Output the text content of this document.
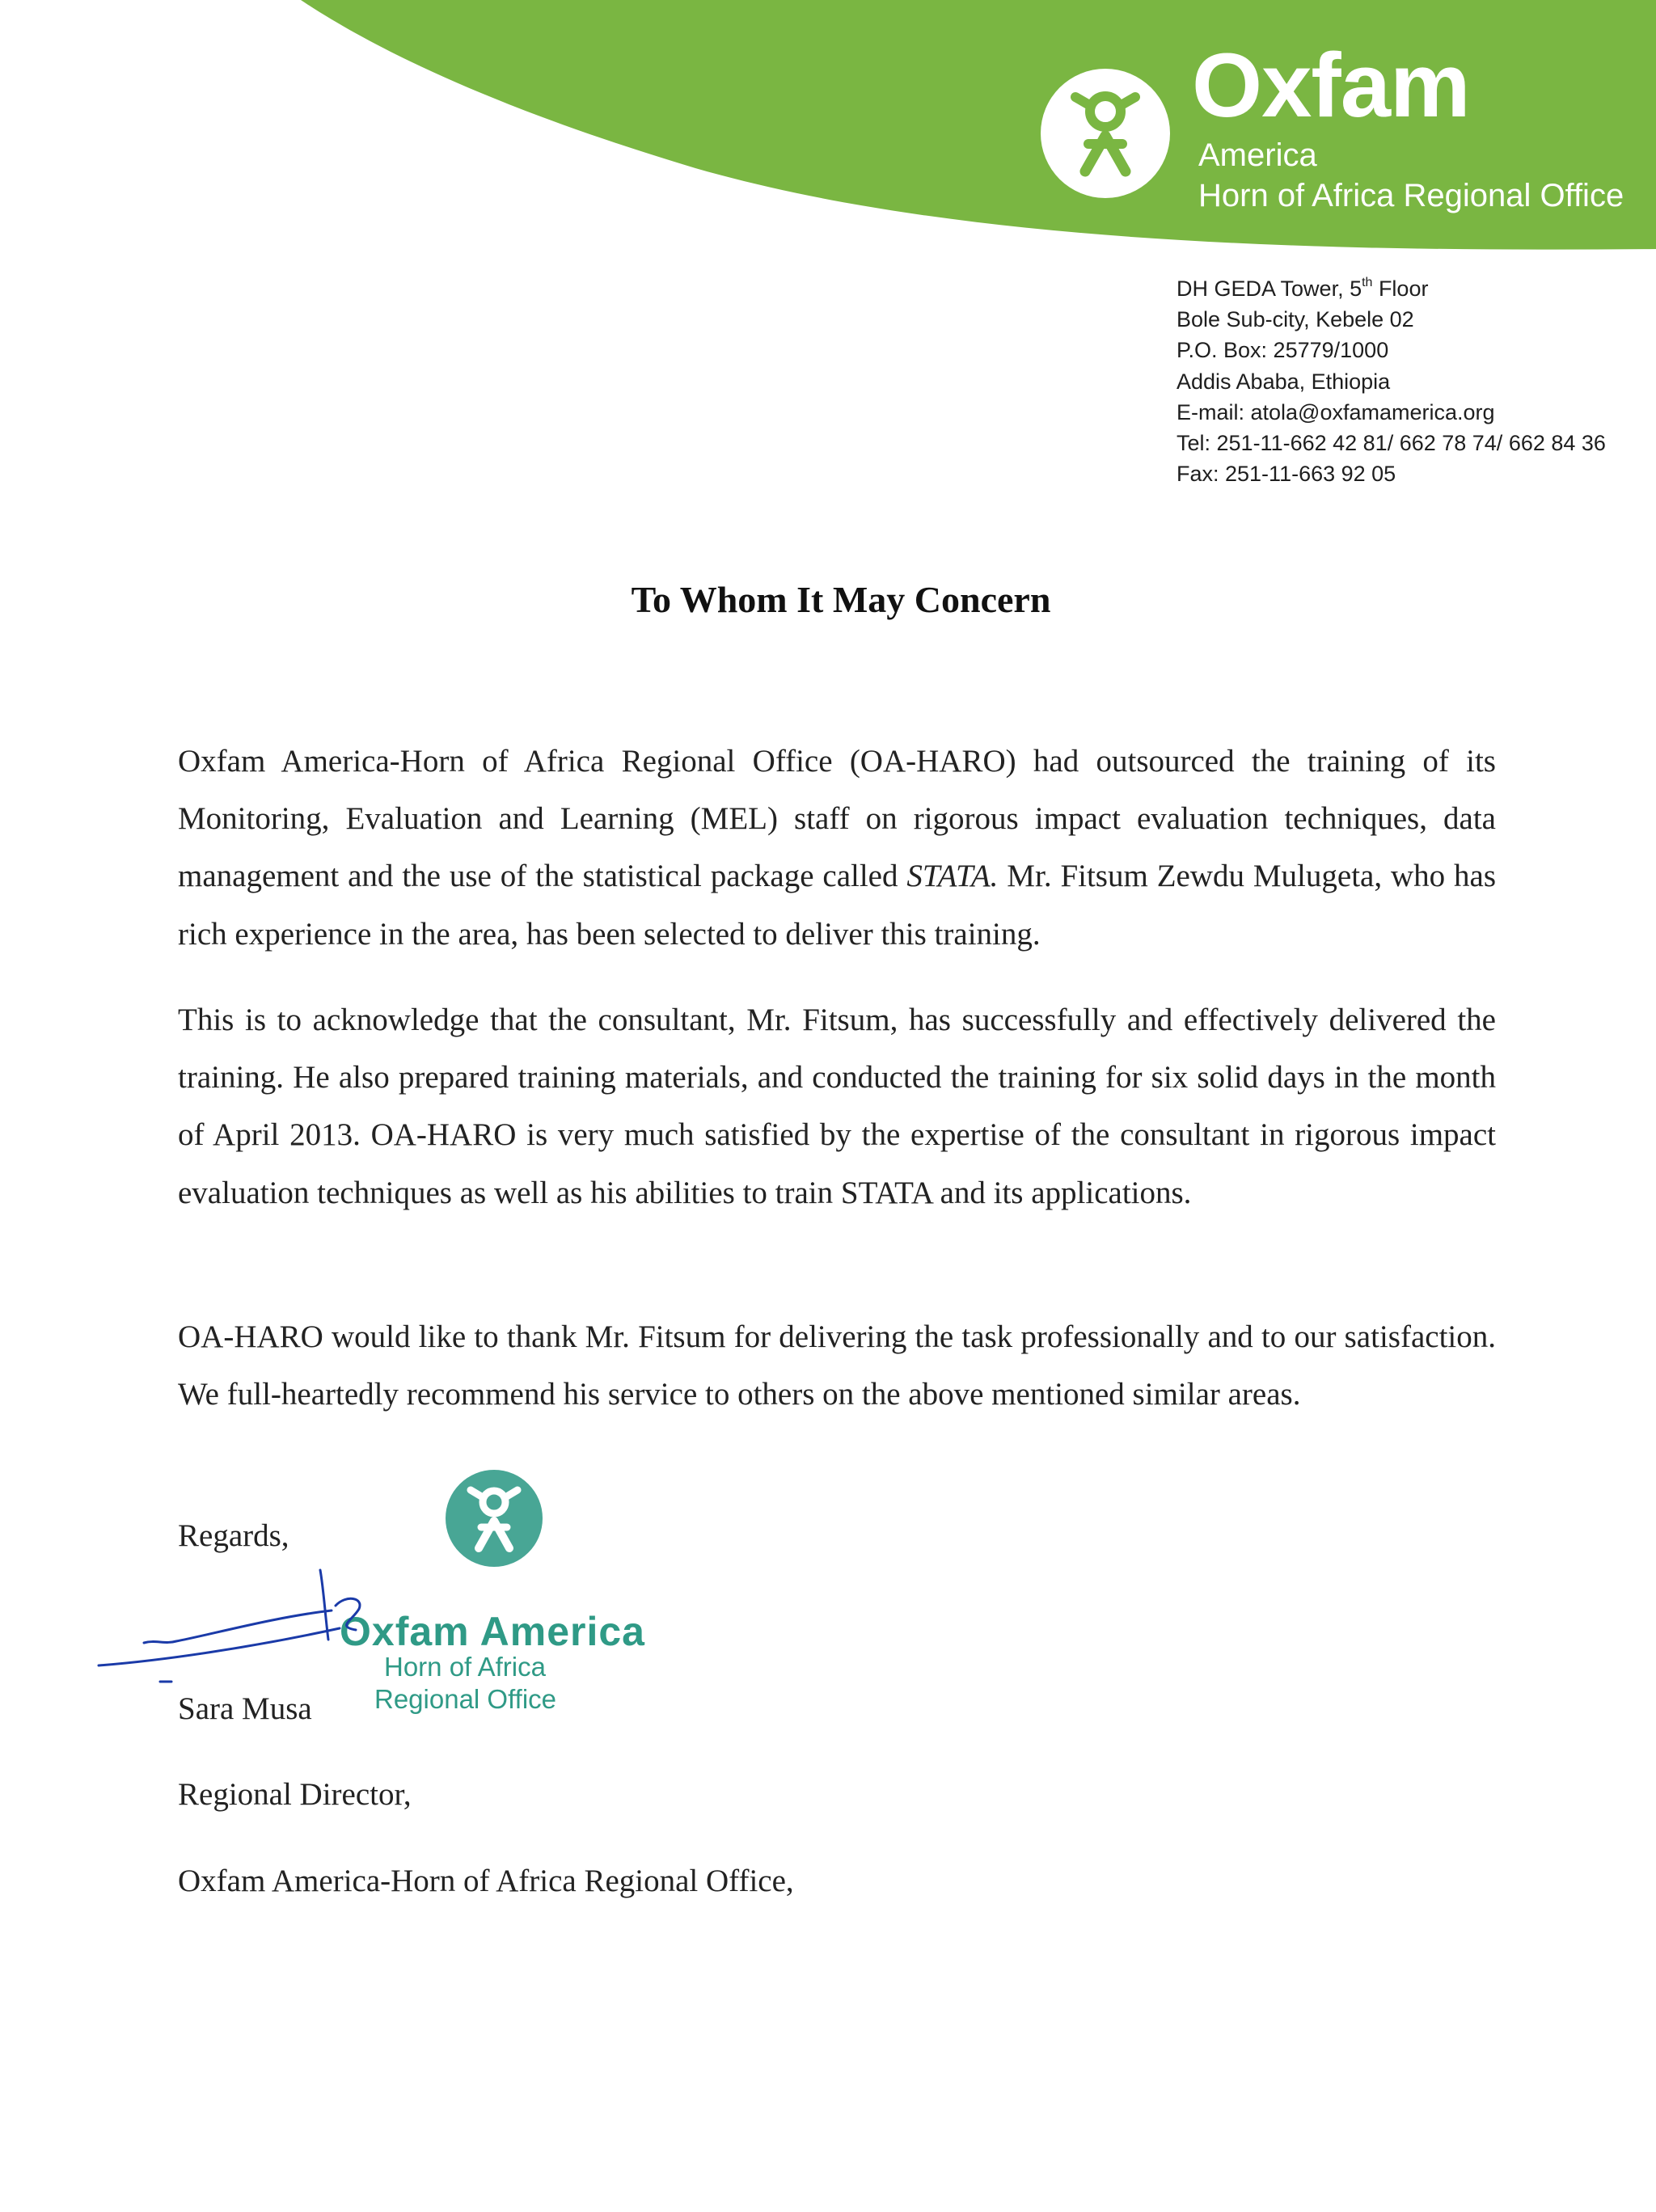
Oxfam
America
Horn of Africa Regional Office
DH GEDA Tower, 5th Floor
Bole Sub-city, Kebele 02
P.O. Box: 25779/1000
Addis Ababa, Ethiopia
E-mail: atola@oxfamamerica.org
Tel: 251-11-662 42 81/ 662 78 74/ 662 84 36
Fax: 251-11-663 92 05
To Whom It May Concern
Oxfam America-Horn of Africa Regional Office (OA-HARO) had outsourced the training of its Monitoring, Evaluation and Learning (MEL) staff on rigorous impact evaluation techniques, data management and the use of the statistical package called STATA. Mr. Fitsum Zewdu Mulugeta, who has rich experience in the area, has been selected to deliver this training.
This is to acknowledge that the consultant, Mr. Fitsum, has successfully and effectively delivered the training. He also prepared training materials, and conducted the training for six solid days in the month of April 2013. OA-HARO is very much satisfied by the expertise of the consultant in rigorous impact evaluation techniques as well as his abilities to train STATA and its applications.
OA-HARO would like to thank Mr. Fitsum for delivering the task professionally and to our satisfaction. We full-heartedly recommend his service to others on the above mentioned similar areas.
Regards,
Sara Musa
Regional Director,
Oxfam America-Horn of Africa Regional Office,
Oxfam America
Horn of Africa
Regional Office
